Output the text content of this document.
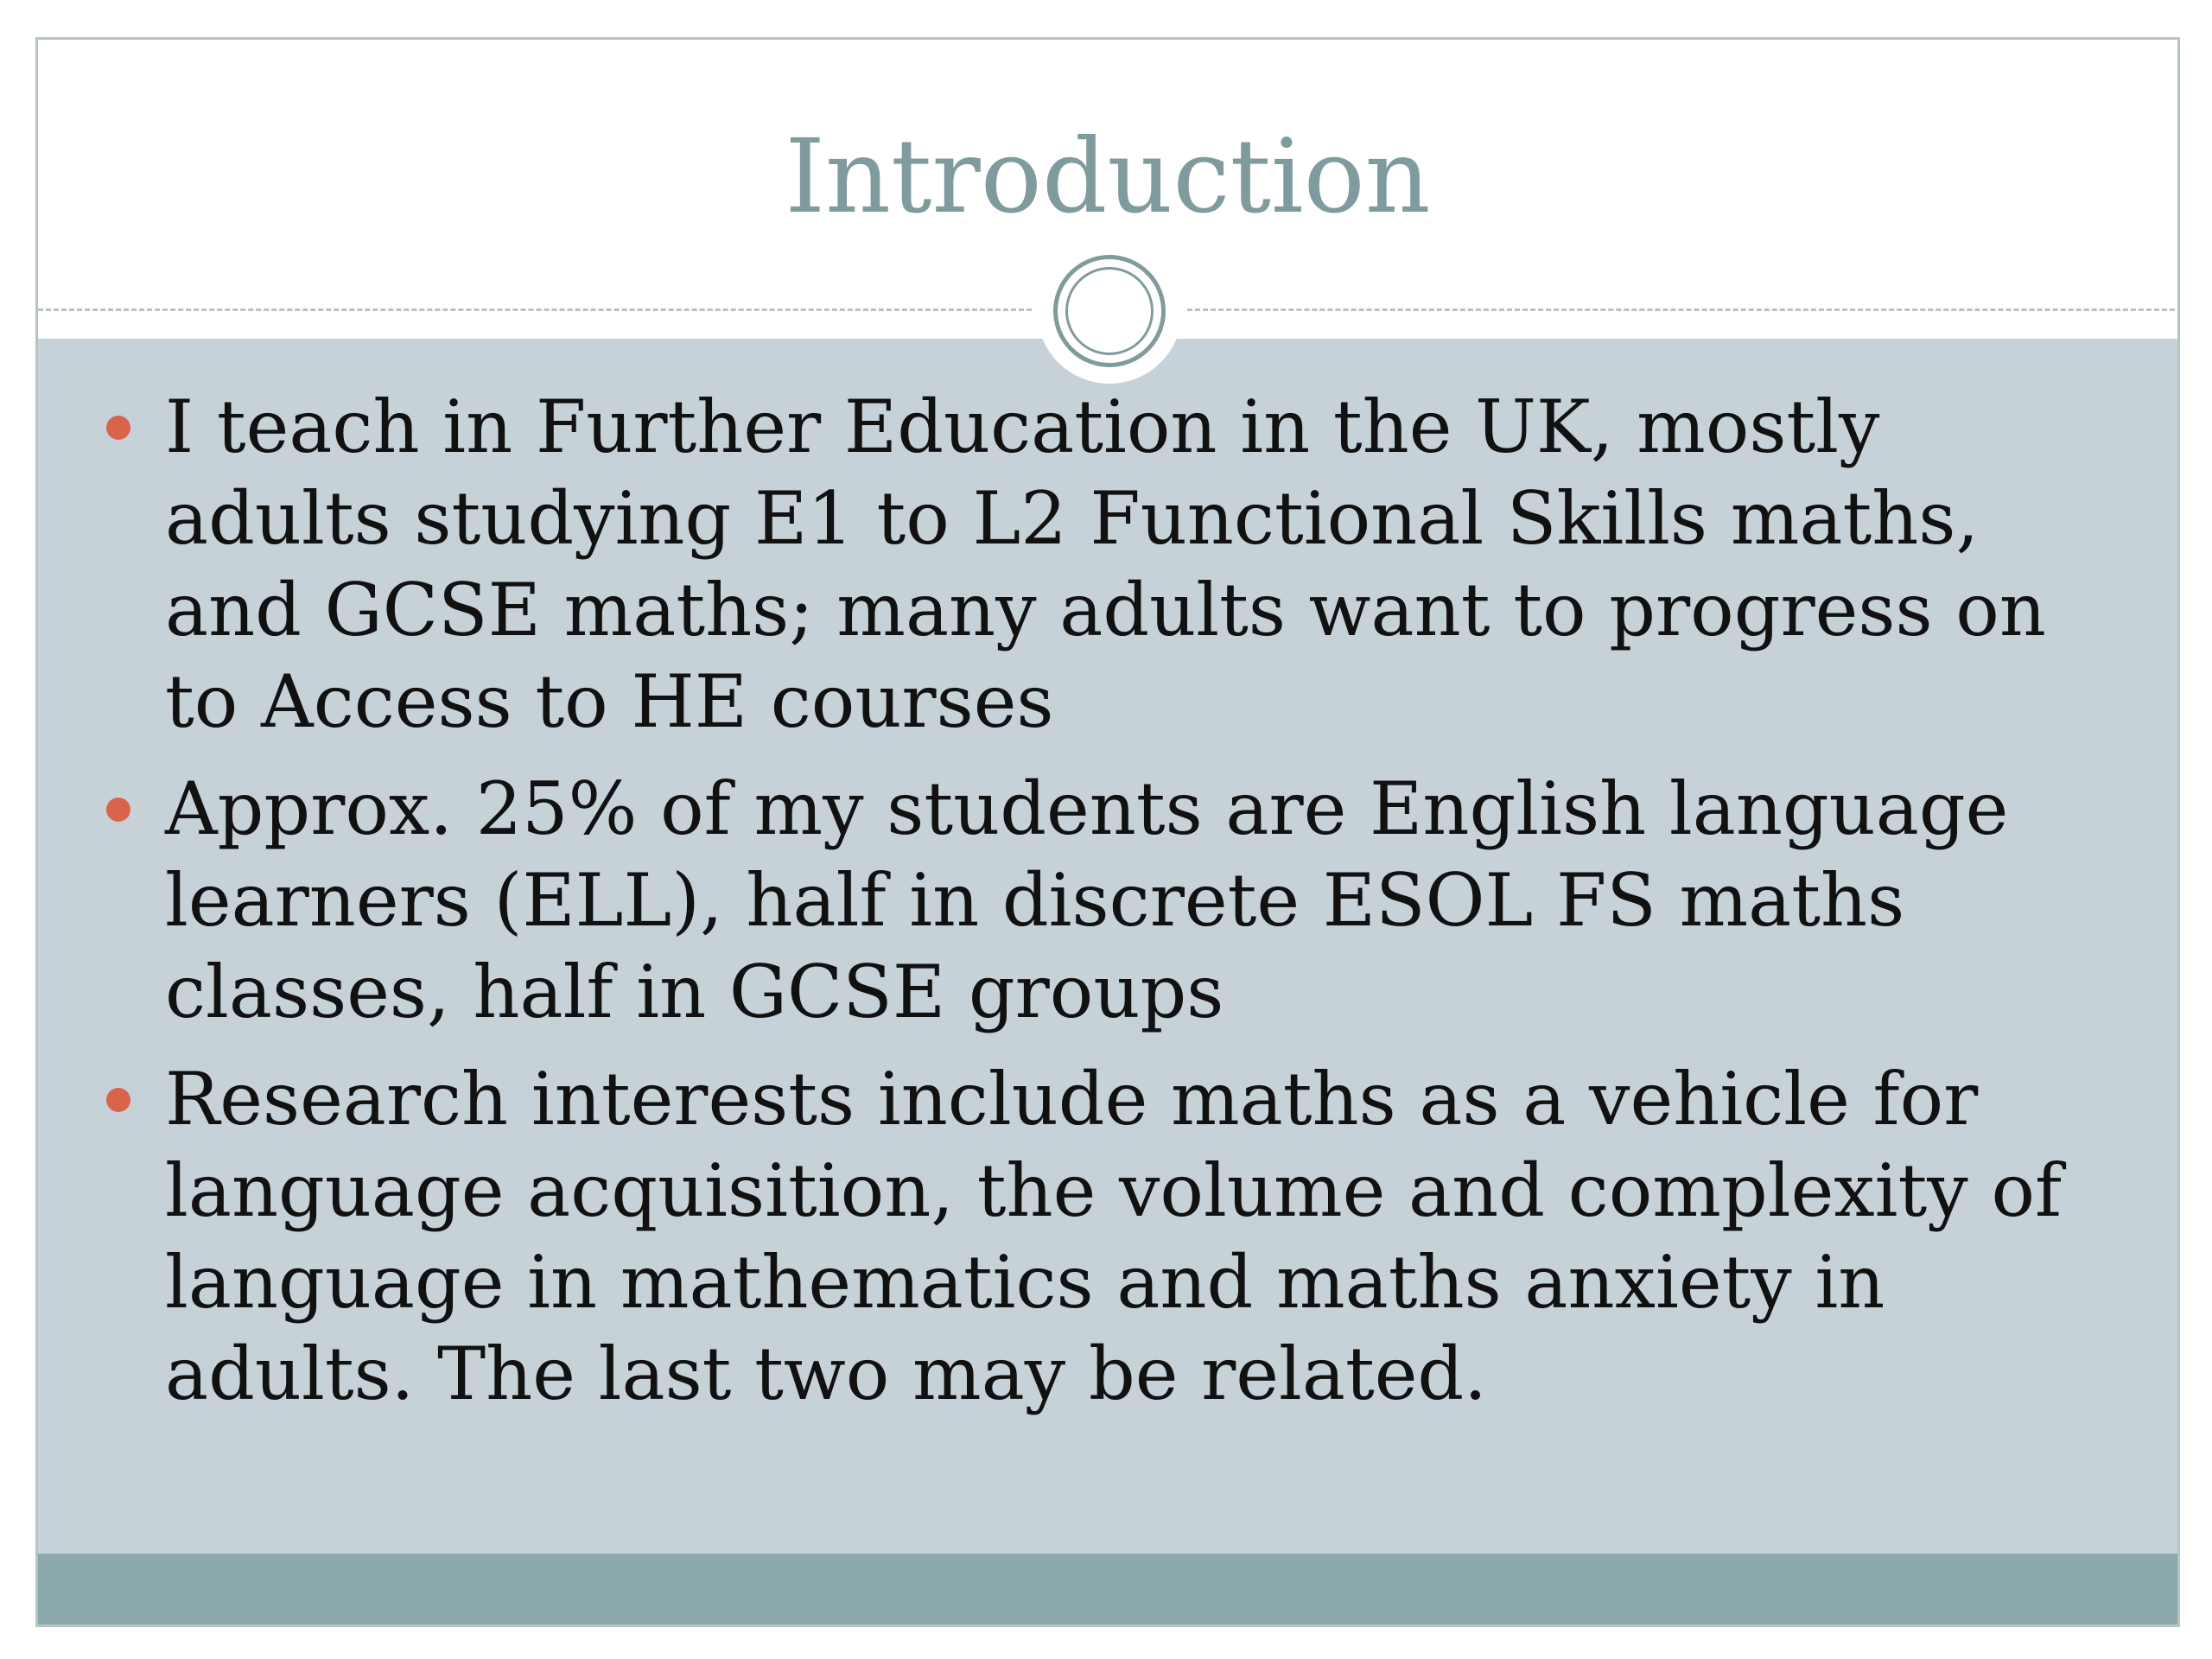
Introduction
I teach in Further Education in the UK, mostly adults studying E1 to L2 Functional Skills maths, and GCSE maths; many adults want to progress on to Access to HE courses
Approx. 25% of my students are English language learners (ELL), half in discrete ESOL FS maths classes, half in GCSE groups
Research interests include maths as a vehicle for language acquisition, the volume and complexity of language in mathematics and maths anxiety in adults. The last two may be related.
